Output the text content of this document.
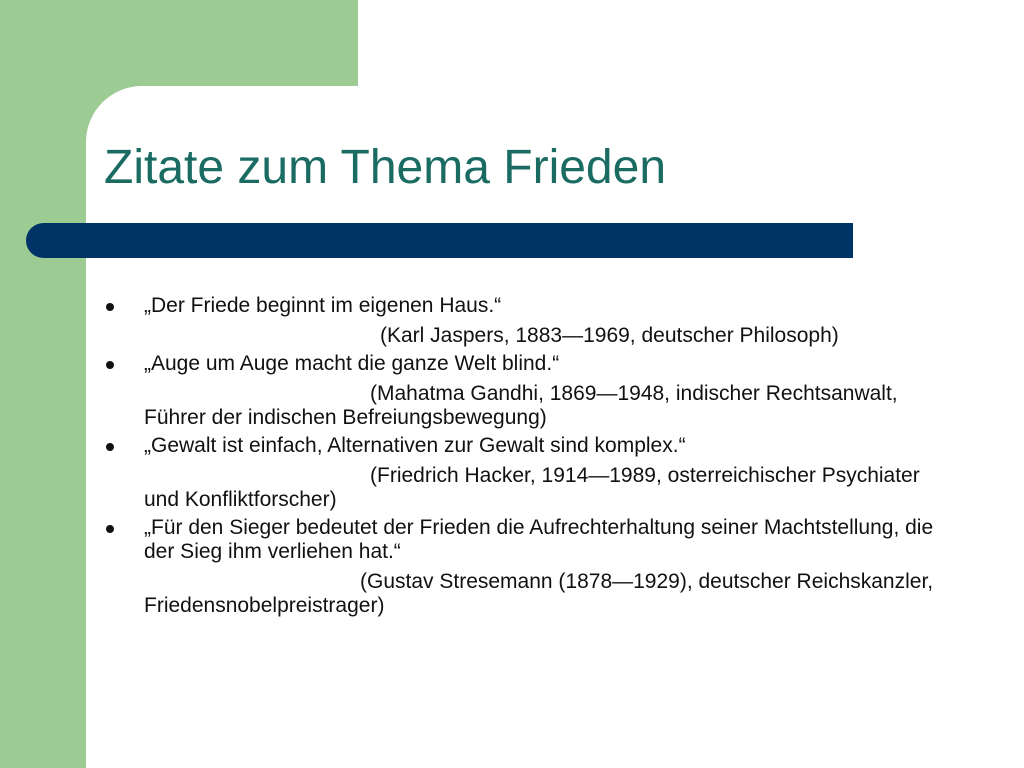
Zitate zum Thema Frieden
„Der Friede beginnt im eigenen Haus.“
(Karl Jaspers, 1883—1969, deutscher Philosoph)
„Auge um Auge macht die ganze Welt blind.“
(Mahatma Gandhi, 1869—1948, indischer Rechtsanwalt, Führer der indischen Befreiungsbewegung)
„Gewalt ist einfach, Alternativen zur Gewalt sind komplex.“
(Friedrich Hacker, 1914—1989, osterreichischer Psychiater und Konfliktforscher)
„Für den Sieger bedeutet der Frieden die Aufrechterhaltung seiner Machtstellung, die der Sieg ihm verliehen hat.“
(Gustav Stresemann (1878—1929), deutscher Reichskanzler, Friedensnobelpreistrager)
